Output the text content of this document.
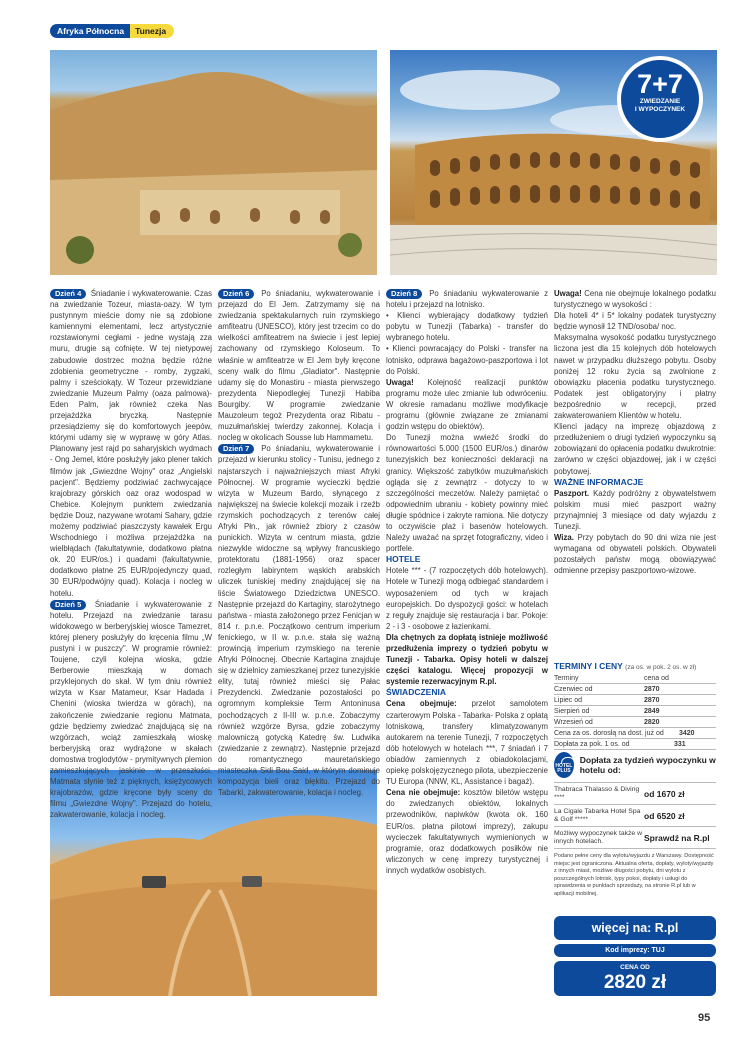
Afryka Północna	Tunezja
7+7
ZWIEDZANIE
I WYPOCZYNEK

Dzień 4 Śniadanie i wykwaterowanie. Czas na zwiedzanie Tozeur, miasta-oazy. W tym pustynnym mieście domy nie są zdobione kamiennymi elementami, lecz artystycznie rozstawionymi cegłami - jedne wystają zza muru, drugie są cofnięte. W tej nietypowej zabudowie dostrzec można będzie różne zdobienia geometryczne - romby, zygzaki, palmy i sześciokąty. W Tozeur przewidziane zwiedzanie Muzeum Palmy (oaza palmowa)- Eden Palm, jak również czeka Nas przejażdżka bryczką. Następnie przesiądziemy się do komfortowych jeepów, którymi udamy się w wyprawę w góry Atlas. Planowany jest rajd po saharyjskich wydmach - Ong Jemel, które posłużyły jako plener takich filmów jak „Gwiezdne Wojny" oraz „Angielski pacjent". Będziemy podziwiać zachwycające krajobrazy górskich oaz oraz wodospad w Chebice. Kolejnym punktem zwiedzania będzie Douz, nazywane wrotami Sahary, gdzie możemy podziwiać piaszczysty kawałek Ergu Wschodniego i możliwa przejażdżka na wielbłądach (fakultatywnie, dodatkowo płatna ok. 20 EUR/os.) i quadami (fakultatywnie, dodatkowo płatne 25 EUR/pojedynczy quad, 30 EUR/podwójny quad). Kolacja i nocleg w hotelu.

Dzień 5 Śniadanie i wykwaterowanie z hotelu. Przejazd na zwiedzanie tarasu widokowego w berberyjskiej wiosce Tamezret, której plenery posłużyły do kręcenia filmu „W pustyni i w puszczy". W programie również: Toujene, czyli kolejna wioska, gdzie Berberowie mieszkają w domach przyklejonych do skał. W tym dniu również wizyta w Ksar Matameur, Ksar Hadada i Chenini (wioska twierdza w górach), na zakończenie zwiedzanie regionu Matmata, gdzie będziemy zwiedzać znajdującą się na wzgórzach, wciąż zamieszkałą wioskę berberyjską oraz wydrążone w skałach domostwa troglodytów - prymitywnych plemion zamieszkujących jaskinie w przeszłości. Matmata słynie też z pięknych, księżycowych krajobrazów, gdzie kręcone były sceny do filmu „Gwiezdne Wojny". Przejazd do hotelu, zakwaterowanie, kolacja i nocleg.

Dzień 6 Po śniadaniu, wykwaterowanie i przejazd do El Jem. Zatrzymamy się na zwiedzania spektakularnych ruin rzymskiego amfiteatru (UNESCO), który jest trzecim co do wielkości amfiteatrem na świecie i jest lepiej zachowany od rzymskiego Koloseum. To właśnie w amfiteatrze w El Jem były kręcone sceny walk do filmu „Gladiator". Następnie udamy się do Monastiru - miasta pierwszego prezydenta Niepodległej Tunezji Habiba Bourgiby. W programie zwiedzanie Mauzoleum tegoż Prezydenta oraz Ribatu - muzułmańskiej twierdzy zakonnej. Kolacja i nocleg w okolicach Sousse lub Hammametu.

Dzień 7 Po śniadaniu, wykwaterowanie i przejazd w kierunku stolicy - Tunisu, jednego z najstarszych i najważniejszych miast Afryki Północnej. W programie wycieczki będzie wizyta w Muzeum Bardo, słynącego z największej na świecie kolekcji mozaik i rzeźb rzymskich pochodzących z terenów całej Afryki Płn., jak również zbiory z czasów punickich. Wizyta w centrum miasta, gdzie niezwykle widoczne są wpływy francuskiego protektoratu (1881-1956) oraz spacer rozległym labiryntem wąskich arabskich uliczek tuniskiej mediny znajdującej się na liście Światowego Dziedzictwa UNESCO. Następnie przejazd do Kartaginy, starożytnego państwa - miasta założonego przez Fenicjan w 814 r. p.n.e. Początkowo centrum imperium fenickiego, w II w. p.n.e. stała się ważną prowincją imperium rzymskiego na terenie Afryki Północnej. Obecnie Kartagina znajduje się w dzielnicy zamieszkanej przez tunezyjskie elity, tutaj również mieści się Pałac Prezydencki. Zwiedzanie pozostałości po ogromnym kompleksie Term Antoninusa pochodzących z II-III w. p.n.e. Zobaczymy również wzgórze Byrsa, gdzie zobaczymy malowniczą gotycką Katedrę św. Ludwika (zwiedzanie z zewnątrz). Następnie przejazd do romantycznego mauretańskiego miasteczka Sidi Bou Said, w którym dominuje kompozycja bieli oraz błękitu. Przejazd do Tabarki, zakwaterowanie, kolacja i nocleg.

Dzień 8 Po śniadaniu wykwaterowanie z hotelu i przejazd na lotnisko.

• Klienci wybierający dodatkowy tydzień pobytu w Tunezji (Tabarka) - transfer do wybranego hotelu.

• Klienci powracający do Polski - transfer na lotnisko, odprawa bagażowo-paszportowa i lot do Polski.

Uwaga! Kolejność realizacji punktów programu może ulec zmianie lub odwróceniu. W okresie ramadanu możliwe modyfikacje programu (głównie związane ze zmianami godzin wstępu do obiektów).

Do Tunezji można wwieźć środki do równowartości 5.000 (1500 EUR/os.) dinarów tunezyjskich bez konieczności deklaracji na granicy. Większość zabytków muzułmańskich ogląda się z zewnątrz - dotyczy to w szczególności meczetów. Należy pamiętać o odpowiednim ubraniu - kobiety powinny mieć długie spódnice i zakryte ramiona. Nie dotyczy to oczywiście plaż i basenów hotelowych. Należy uważać na sprzęt fotograficzny, video i portfele.

HOTELE

Hotele *** - (7 rozpoczętych dób hotelowych). Hotele w Tunezji mogą odbiegać standardem i wyposażeniem od tych w krajach europejskich. Do dyspozycji gości: w hotelach z reguły znajduje się restauracja i bar. Pokoje: 2 - i 3 - osobowe z łazienkami.

Dla chętnych za dopłatą istnieje możliwość przedłużenia imprezy o tydzień pobytu w Tunezji - Tabarka. Opisy hoteli w dalszej części katalogu. Więcej propozycji w systemie rezerwacyjnym R.pl.

ŚWIADCZENIA

Cena obejmuje: przelot samolotem czarterowym Polska - Tabarka- Polska z opłatą lotniskową, transfery klimatyzowanym autokarem na terenie Tunezji, 7 rozpoczętych dób hotelowych w hotelach ***, 7 śniadań i 7 obiadów zamiennych z obiadokolacjami, opiekę polskojęzycznego pilota, ubezpieczenie TU Europa (NNW, KL, Assistance i bagaż).

Cena nie obejmuje: kosztów biletów wstępu do zwiedzanych obiektów, lokalnych przewodników, napiwków (kwota ok. 160 EUR/os. płatna pilotowi imprezy), zakupu wycieczek fakultatywnych wymienionych w programie, oraz dodatkowych posiłków nie wliczonych w cenę imprezy turystycznej i innych wydatków osobistych.

Uwaga! Cena nie obejmuje lokalnego podatku turystycznego w wysokości :

Dla hoteli 4* i 5* lokalny podatek turystyczny będzie wynosił 12 TND/osoba/ noc.

Maksymalna wysokość podatku turystycznego liczona jest dla 15 kolejnych dób hotelowych nawet w przypadku dłuższego pobytu. Osoby poniżej 12 roku życia są zwolnione z obowiązku płacenia podatku turystycznego. Podatek jest obligatoryjny i płatny bezpośrednio w recepcji, przed zakwaterowaniem Klientów w hotelu.

Klienci jadący na imprezę objazdową z przedłużeniem o drugi tydzień wypoczynku są zobowiązani do opłacenia podatku dwukrotnie: zarówno w części objazdowej, jak i w części pobytowej.

WAŻNE INFORMACJE

Paszport. Każdy podróżny z obywatelstwem polskim musi mieć paszport ważny przynajmniej 3 miesiące od daty wyjazdu z Tunezji.

Wiza. Przy pobytach do 90 dni wiza nie jest wymagana od obywateli polskich. Obywateli pozostałych państw mogą obowiązywać odmienne przepisy paszportowo-wizowe.

TERMINY I CENY (za os. w pok. 2 os. w zł)
Terminy	cena od
Czerwiec od	2870
Lipiec od	2870
Sierpień od	2849
Wrzesień od	2820
Cena za os. dorosłą na dost. już od	3420
Dopłata za pok. 1 os. od	331
HOTEL PLUS
Dopłata za tydzień wypoczynku w hotelu od:
Thabraca Thalasso & Diving ****	od 1670 zł
La Cigale Tabarka Hotel Spa & Golf *****	od 6520 zł
Możliwy wypoczynek także w innych hotelach.	Sprawdź na R.pl
Podano pełne ceny dla wylotu/wyjazdu z Warszawy. Dostępność miejsc jest ograniczona. Aktualna oferta, dopłaty, wyloty/wyjazdy z innych miast, możliwe długości pobytu, dni wylotu z poszczególnych lotnisk, typy pokoi, dopłaty i usługi do sprawdzenia w punktach sprzedaży, na stronie R.pl lub w aplikacji mobilnej.
więcej na: R.pl
Kod imprezy: TUJ
CENA OD
2820 zł
95
